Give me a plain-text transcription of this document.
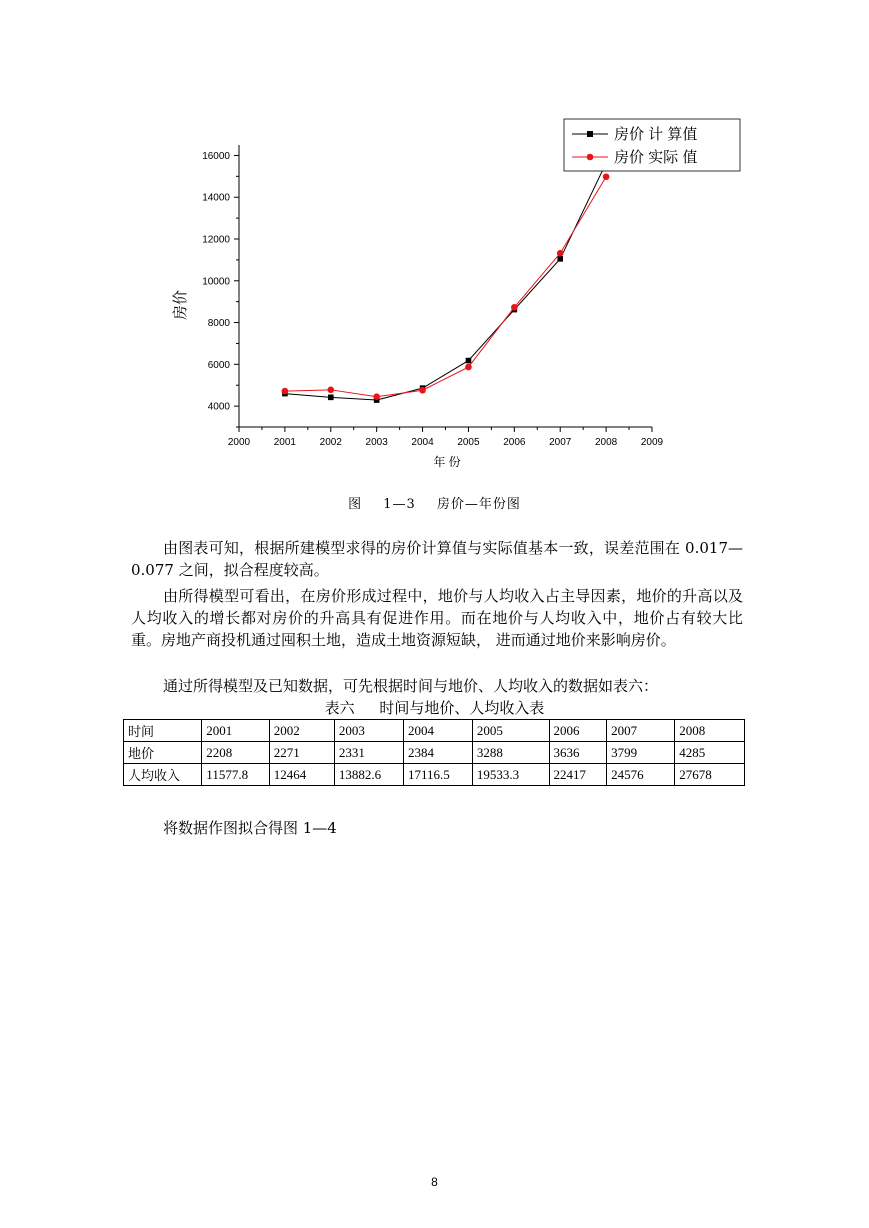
2000 2001 2002 2003 2004 2005 2006 2007 2008 2009
4000
6000
8000
10000
12000
14000
16000
年 份
房价
房价 计 算值
房价 实际 值
图 1—3 房价—年份图

由图表可知，根据所建模型求得的房价计算值与实际值基本一致，误差范围在 0.017—0.077 之间，拟合程度较高。

由所得模型可看出，在房价形成过程中，地价与人均收入占主导因素，地价的升高以及人均收入的增长都对房价的升高具有促进作用。而在地价与人均收入中，地价占有较大比重。房地产商投机通过囤积土地，造成土地资源短缺， 进而通过地价来影响房价。

通过所得模型及已知数据，可先根据时间与地价、人均收入的数据如表六：

表六 时间与地价、人均收入表
时间	2001	2002	2003	2004	2005	2006	2007	2008
地价	2208	2271	2331	2384	3288	3636	3799	4285
人均收入	11577.8	12464	13882.6	17116.5	19533.3	22417	24576	27678

将数据作图拟合得图 1—4

8
